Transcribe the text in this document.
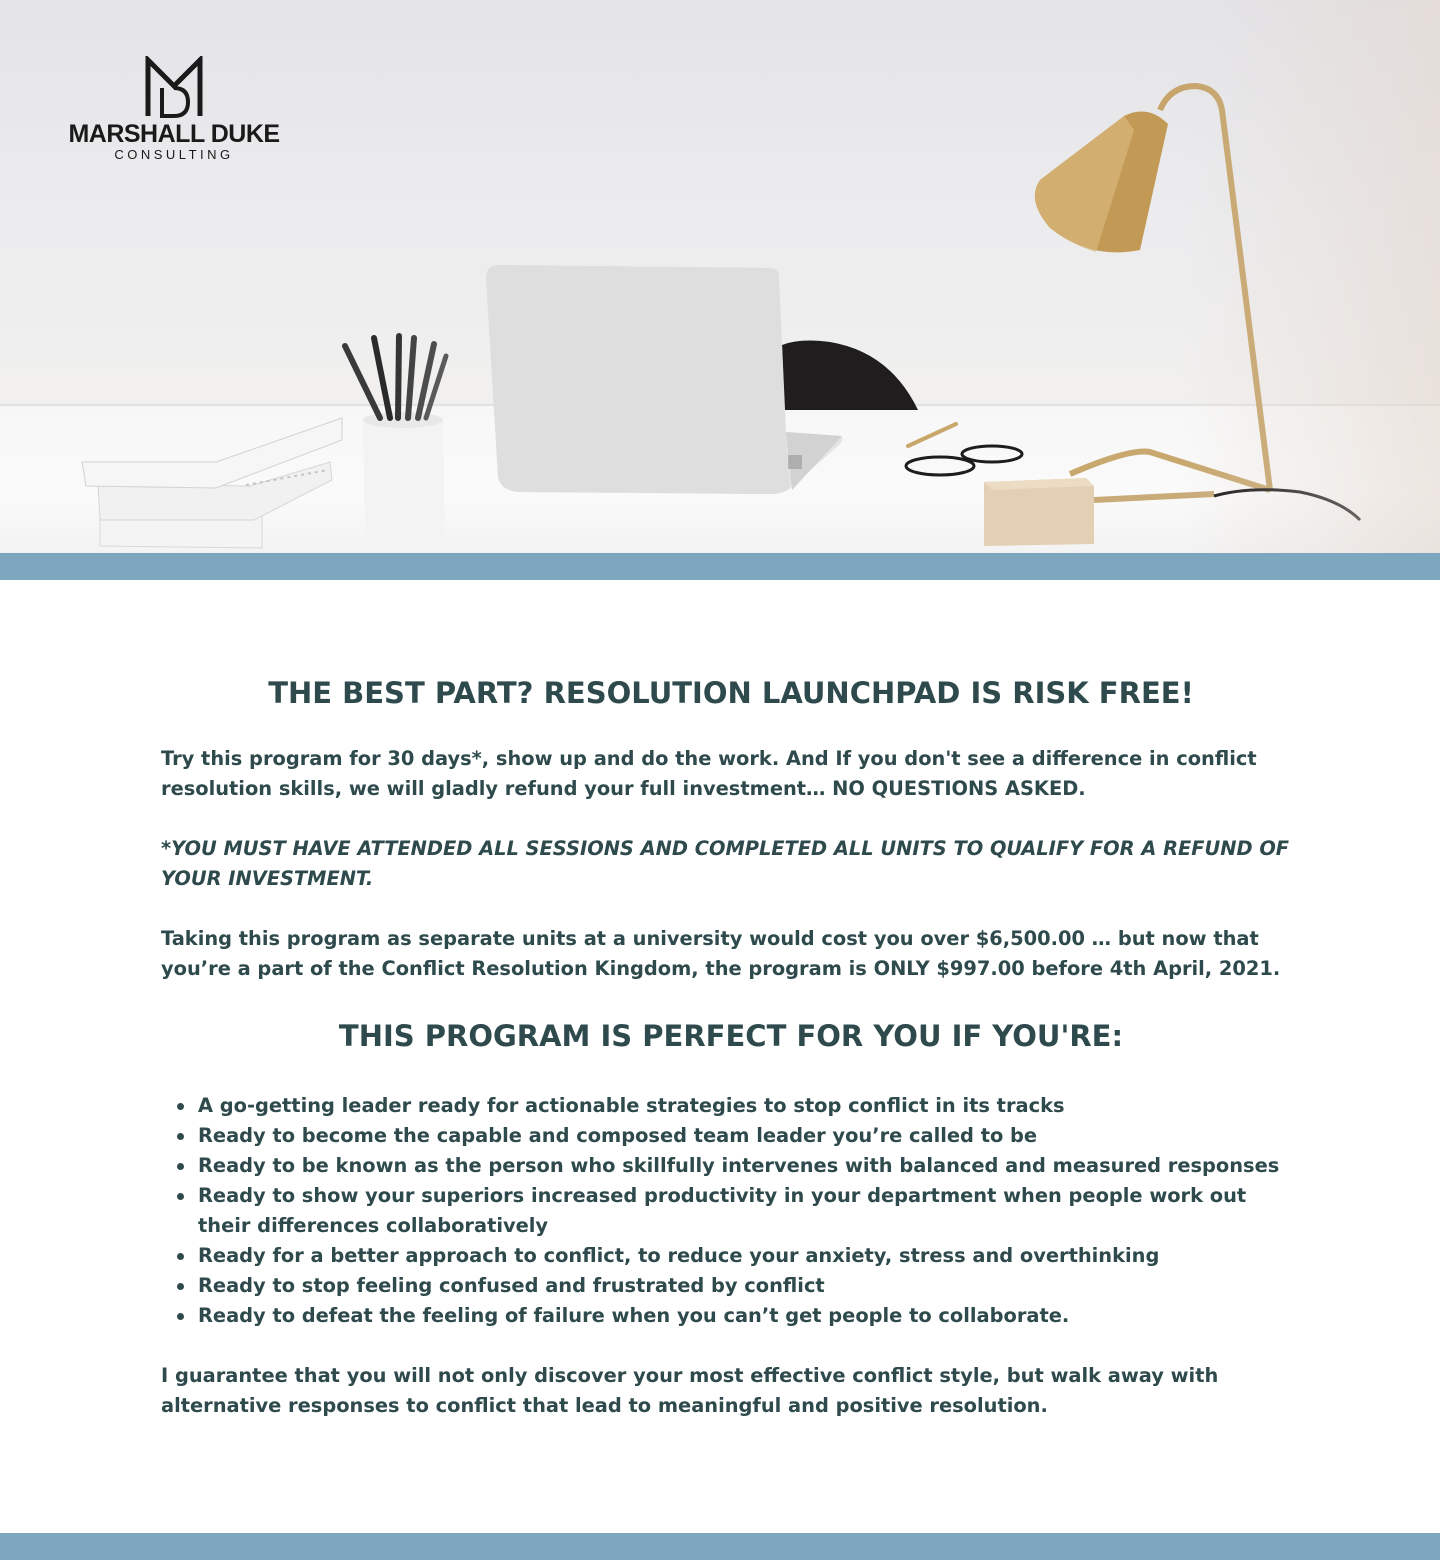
MARSHALL DUKE
CONSULTING
THE BEST PART? RESOLUTION LAUNCHPAD IS RISK FREE!

Try this program for 30 days*, show up and do the work. And If you don't see a difference in conflict resolution skills, we will gladly refund your full investment… NO QUESTIONS ASKED.

*YOU MUST HAVE ATTENDED ALL SESSIONS AND COMPLETED ALL UNITS TO QUALIFY FOR A REFUND OF YOUR INVESTMENT.

Taking this program as separate units at a university would cost you over $6,500.00 … but now that you’re a part of the Conflict Resolution Kingdom, the program is ONLY $997.00 before 4th April, 2021.

THIS PROGRAM IS PERFECT FOR YOU IF YOU'RE:
A go-getting leader ready for actionable strategies to stop conflict in its tracks
Ready to become the capable and composed team leader you’re called to be
Ready to be known as the person who skillfully intervenes with balanced and measured responses
Ready to show your superiors increased productivity in your department when people work out their differences collaboratively
Ready for a better approach to conflict, to reduce your anxiety, stress and overthinking
Ready to stop feeling confused and frustrated by conflict
Ready to defeat the feeling of failure when you can’t get people to collaborate.

I guarantee that you will not only discover your most effective conflict style, but walk away with alternative responses to conflict that lead to meaningful and positive resolution.
